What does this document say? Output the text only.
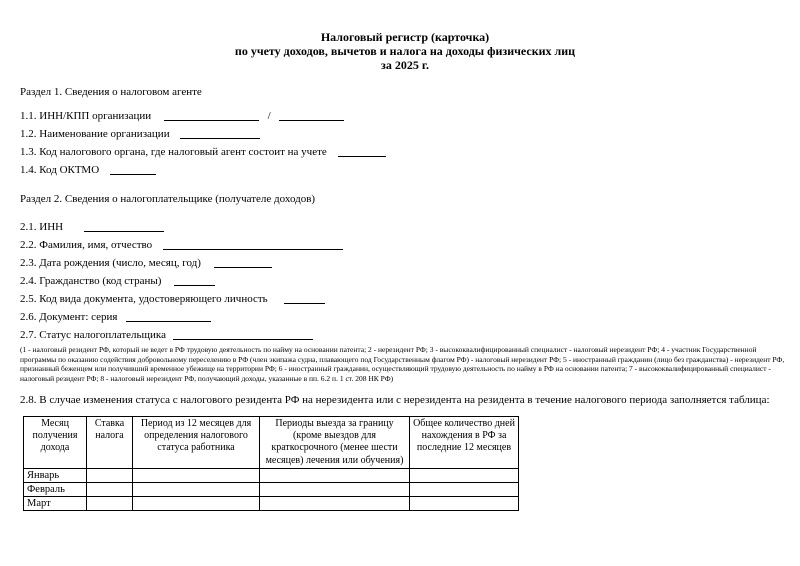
Налоговый регистр (карточка)
по учету доходов, вычетов и налога на доходы физических лиц
за 2025 г.
Раздел 1. Сведения о налоговом агенте
1.1. ИНН/КПП организации	/
1.2. Наименование организации
1.3. Код налогового органа, где налоговый агент состоит на учете
1.4. Код ОКТМО
Раздел 2. Сведения о налогоплательщике (получателе доходов)
2.1. ИНН
2.2. Фамилия, имя, отчество
2.3. Дата рождения (число, месяц, год)
2.4. Гражданство (код страны)
2.5. Код вида документа, удостоверяющего личность
2.6. Документ: серия
2.7. Статус налогоплательщика
(1 - налоговый резидент РФ, который не ведет в РФ трудовую деятельность по найму на основании патента; 2 - нерезидент РФ; 3 - высококвалифицированный специалист - налоговый нерезидент РФ; 4 - участник Государственной программы по оказанию содействия добровольному переселению в РФ (член экипажа судна, плавающего под Государственным флагом РФ) - налоговый нерезидент РФ; 5 - иностранный гражданин (лицо без гражданства) - нерезидент РФ, признанный беженцем или получивший временное убежище на территории РФ; 6 - иностранный гражданин, осуществляющий трудовую деятельность по найму в РФ на основании патента; 7 - высококвалифицированный специалист - налоговый резидент РФ; 8 - налоговый нерезидент РФ, получающий доходы, указанные в пп. 6.2 п. 1 ст. 208 НК РФ)
2.8. В случае изменения статуса с налогового резидента РФ на нерезидента или с нерезидента на резидента в течение налогового периода заполняется таблица:
Месяц получения дохода	Ставка налога	Период из 12 месяцев для определения налогового статуса работника	Периоды выезда за границу (кроме выездов для краткосрочного (менее шести месяцев) лечения или обучения)	Общее количество дней нахождения в РФ за последние 12 месяцев
Январь				
Февраль				
Март				
